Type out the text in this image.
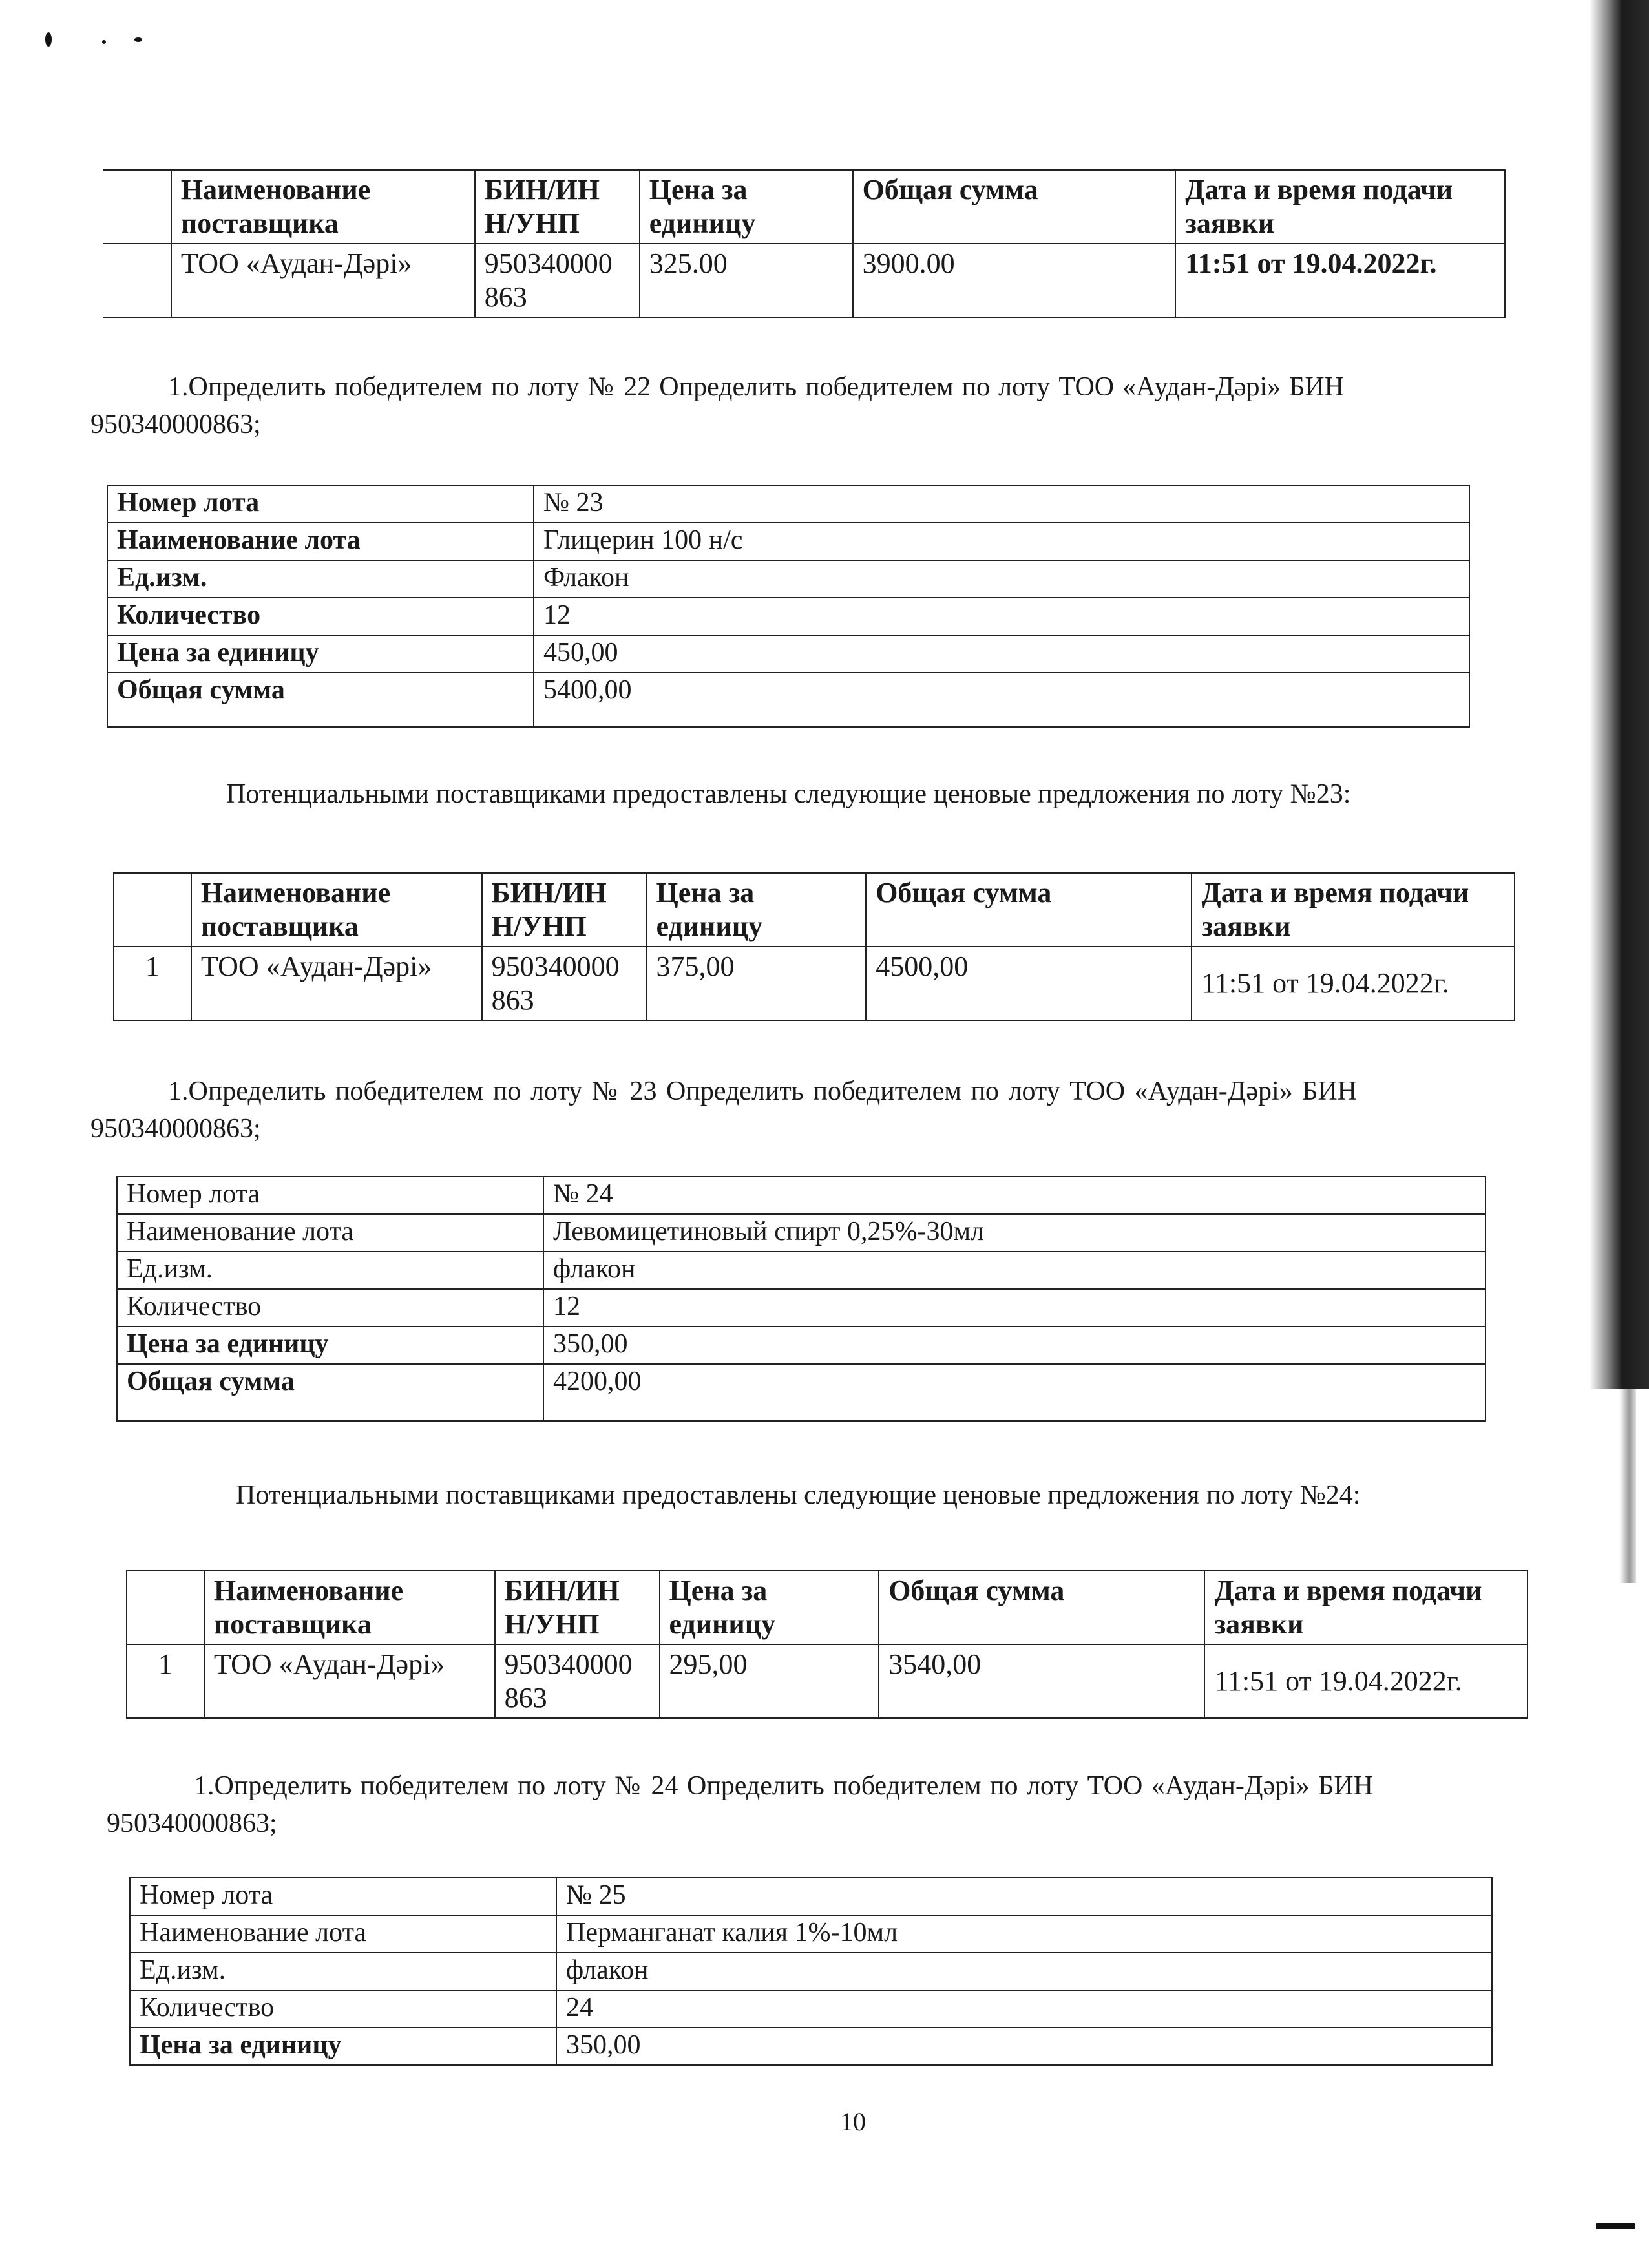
	Наименование поставщика	БИН/ИН Н/УНП	Цена за единицу	Общая сумма	Дата и время подачи заявки
	ТОО «Аудан-Дәрі»	950340000 863	325.00	3900.00	11:51 от 19.04.2022г.
1.Определить победителем по лоту № 22 Определить победителем по лоту ТОО «Аудан-Дәрі» БИН 950340000863;
Номер лота	№ 23
Наименование лота	Глицерин 100 н/с
Ед.изм.	Флакон
Количество	12
Цена за единицу	450,00
Общая сумма	5400,00
Потенциальными поставщиками предоставлены следующие ценовые предложения по лоту №23:
	Наименование поставщика	БИН/ИН Н/УНП	Цена за единицу	Общая сумма	Дата и время подачи заявки
1	ТОО «Аудан-Дәрі»	950340000 863	375,00	4500,00	11:51 от 19.04.2022г.
1.Определить победителем по лоту № 23 Определить победителем по лоту ТОО «Аудан-Дәрі» БИН 950340000863;
Номер лота	№ 24
Наименование лота	Левомицетиновый спирт 0,25%-30мл
Ед.изм.	флакон
Количество	12
Цена за единицу	350,00
Общая сумма	4200,00
Потенциальными поставщиками предоставлены следующие ценовые предложения по лоту №24:
	Наименование поставщика	БИН/ИН Н/УНП	Цена за единицу	Общая сумма	Дата и время подачи заявки
1	ТОО «Аудан-Дәрі»	950340000 863	295,00	3540,00	11:51 от 19.04.2022г.
1.Определить победителем по лоту № 24 Определить победителем по лоту ТОО «Аудан-Дәрі» БИН 950340000863;
Номер лота	№ 25
Наименование лота	Перманганат калия 1%-10мл
Ед.изм.	флакон
Количество	24
Цена за единицу	350,00
10
